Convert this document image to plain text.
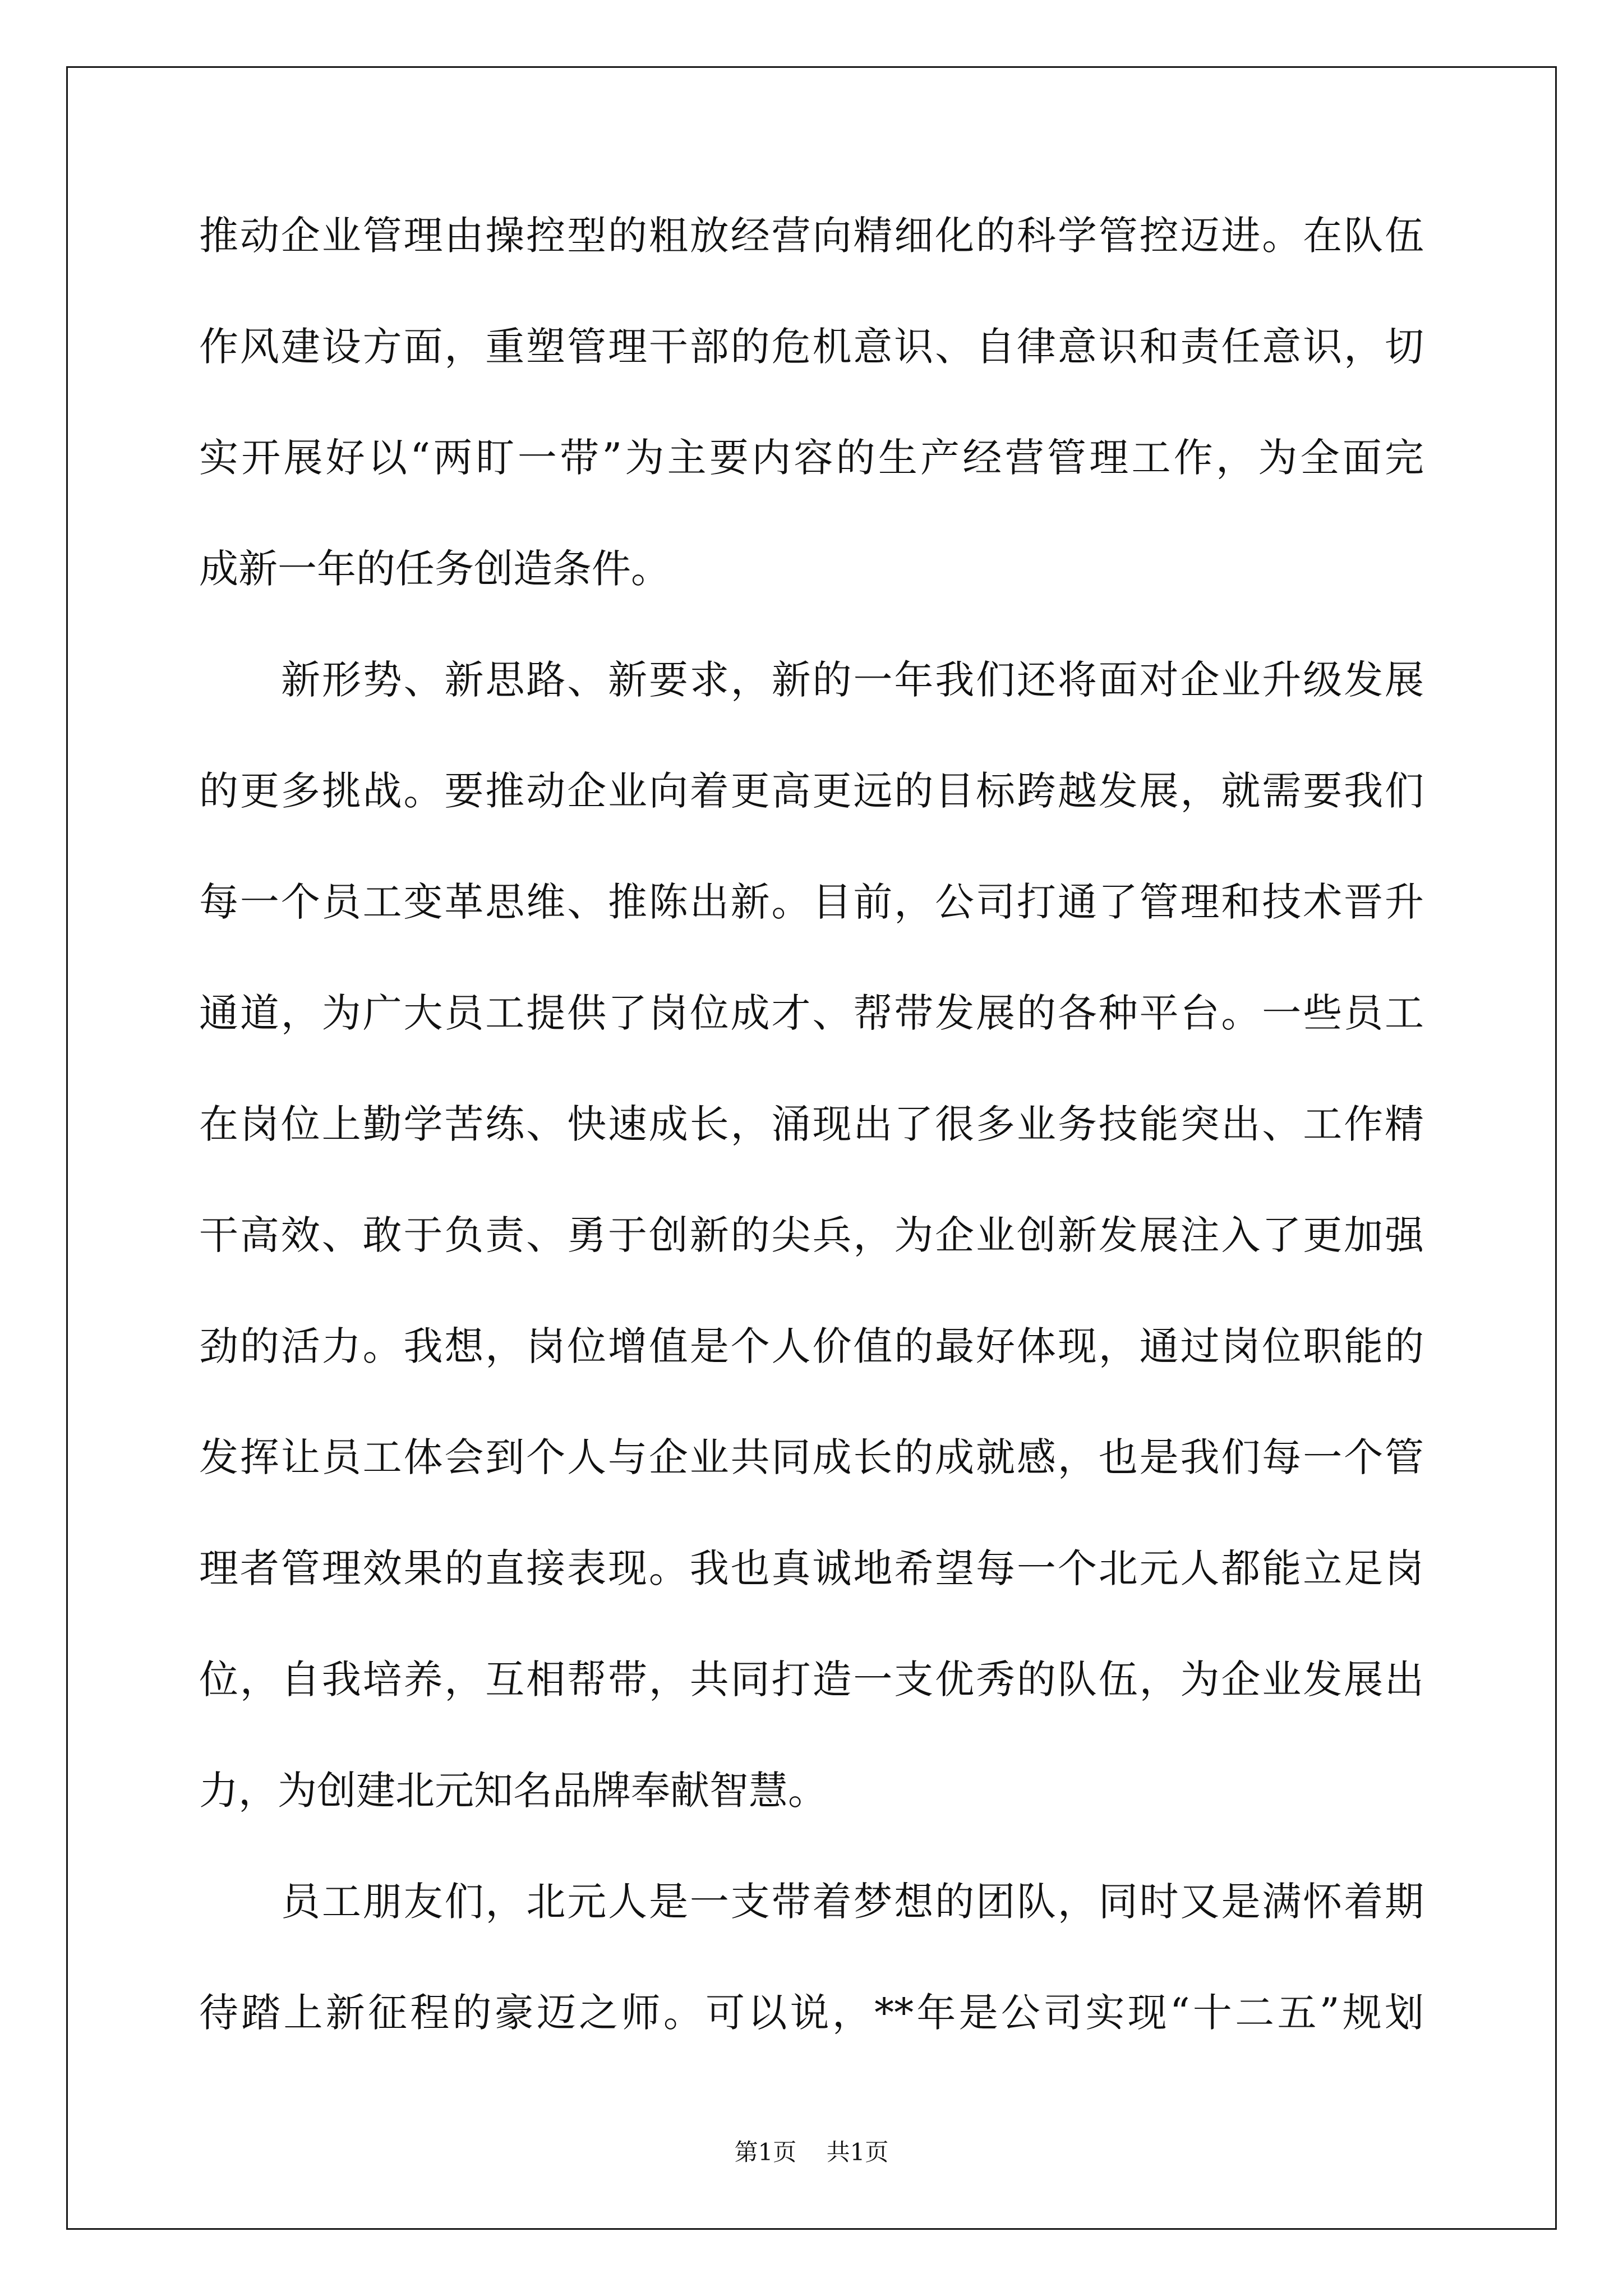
推动企业管理由操控型的粗放经营向精细化的科学管控迈进。在队伍
作风建设方面，重塑管理干部的危机意识、自律意识和责任意识，切
实开展好以“两盯一带”为主要内容的生产经营管理工作，为全面完
成新一年的任务创造条件。
新形势、新思路、新要求，新的一年我们还将面对企业升级发展
的更多挑战。要推动企业向着更高更远的目标跨越发展，就需要我们
每一个员工变革思维、推陈出新。目前，公司打通了管理和技术晋升
通道，为广大员工提供了岗位成才、帮带发展的各种平台。一些员工
在岗位上勤学苦练、快速成长，涌现出了很多业务技能突出、工作精
干高效、敢于负责、勇于创新的尖兵，为企业创新发展注入了更加强
劲的活力。我想，岗位增值是个人价值的最好体现，通过岗位职能的
发挥让员工体会到个人与企业共同成长的成就感，也是我们每一个管
理者管理效果的直接表现。我也真诚地希望每一个北元人都能立足岗
位，自我培养，互相帮带，共同打造一支优秀的队伍，为企业发展出
力，为创建北元知名品牌奉献智慧。
员工朋友们，北元人是一支带着梦想的团队，同时又是满怀着期
待踏上新征程的豪迈之师。可以说，**年是公司实现“十二五”规划
第1页    共1页
